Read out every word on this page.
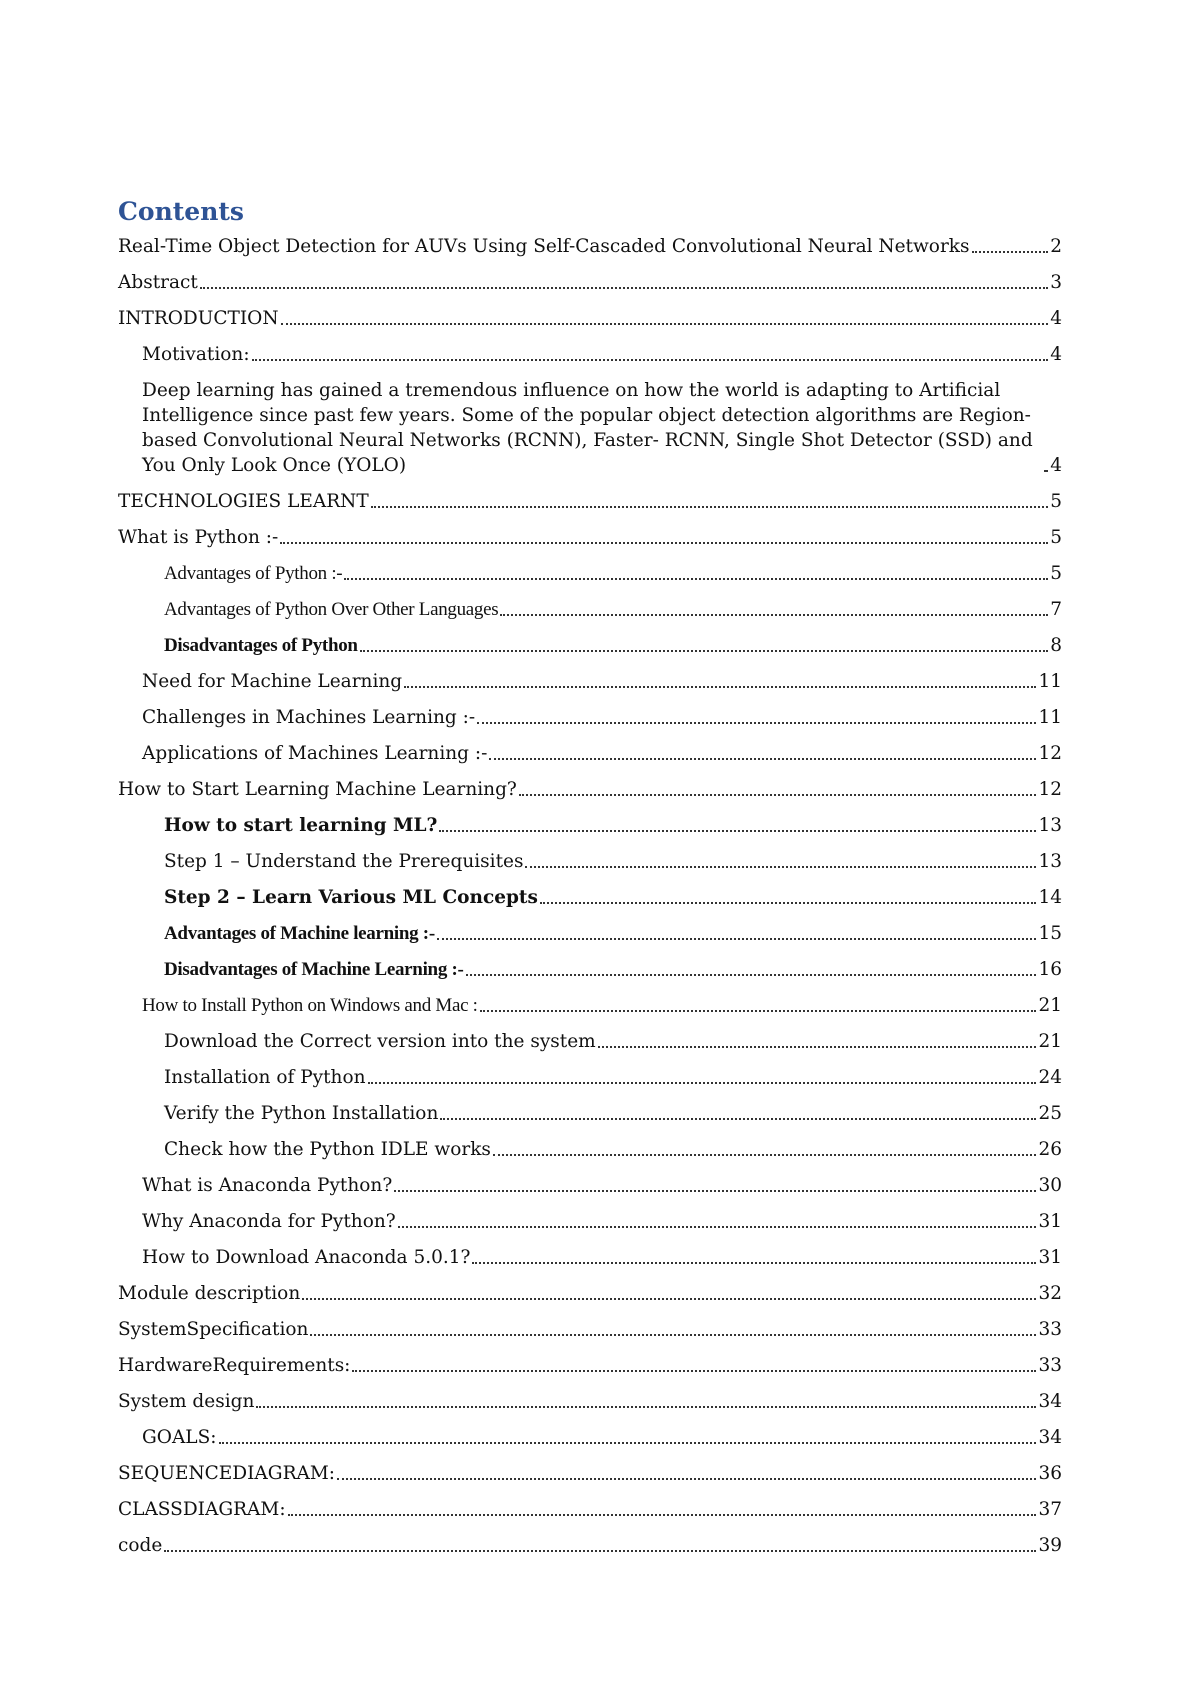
Contents
Real-Time Object Detection for AUVs Using Self-Cascaded Convolutional Neural Networks	2
Abstract	3
INTRODUCTION	4
Motivation:	4
Deep learning has gained a tremendous influence on how the world is adapting to Artificial Intelligence since past few years. Some of the popular object detection algorithms are Region-based Convolutional Neural Networks (RCNN), Faster- RCNN, Single Shot Detector (SSD) and You Only Look Once (YOLO)	4
TECHNOLOGIES LEARNT	5
What is Python :-	5
Advantages of Python :-	5
Advantages of Python Over Other Languages	7
Disadvantages of Python	8
Need for Machine Learning	11
Challenges in Machines Learning :-	11
Applications of Machines Learning :-	12
How to Start Learning Machine Learning?	12
How to start learning ML?	13
Step 1 – Understand the Prerequisites	13
Step 2 – Learn Various ML Concepts	14
Advantages of Machine learning :-	15
Disadvantages of Machine Learning :-	16
How to Install Python on Windows and Mac :	21
Download the Correct version into the system	21
Installation of Python	24
Verify the Python Installation	25
Check how the Python IDLE works	26
What is Anaconda Python?	30
Why Anaconda for Python?	31
How to Download Anaconda 5.0.1?	31
Module description	32
SystemSpecification	33
HardwareRequirements:	33
System design	34
GOALS:	34
SEQUENCEDIAGRAM:	36
CLASSDIAGRAM:	37
code	39
